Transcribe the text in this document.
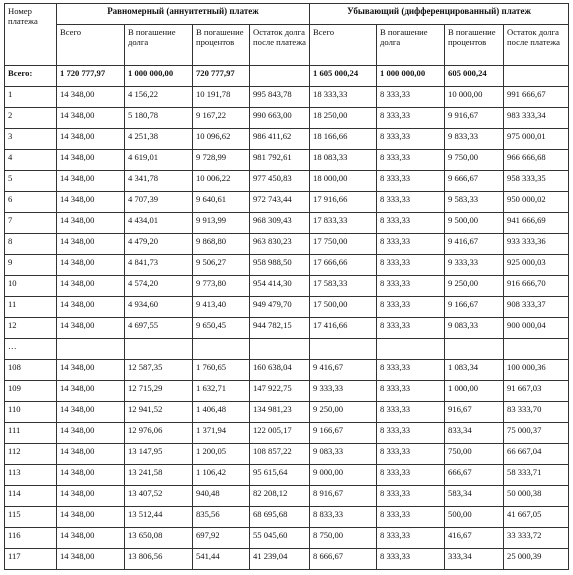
Номер платежа	Равномерный (аннуитетный) платеж				Убывающий (дифференцированный) платеж			
	Всего	В погашение долга	В погашение процентов	Остаток долга после платежа	Всего	В погашение долга	В погашение процентов	Остаток долга после платежа
Всего:	1 720 777,97	1 000 000,00	720 777,97		1 605 000,24	1 000 000,00	605 000,24	
1	14 348,00	4 156,22	10 191,78	995 843,78	18 333,33	8 333,33	10 000,00	991 666,67
2	14 348,00	5 180,78	9 167,22	990 663,00	18 250,00	8 333,33	9 916,67	983 333,34
3	14 348,00	4 251,38	10 096,62	986 411,62	18 166,66	8 333,33	9 833,33	975 000,01
4	14 348,00	4 619,01	9 728,99	981 792,61	18 083,33	8 333,33	9 750,00	966 666,68
5	14 348,00	4 341,78	10 006,22	977 450,83	18 000,00	8 333,33	9 666,67	958 333,35
6	14 348,00	4 707,39	9 640,61	972 743,44	17 916,66	8 333,33	9 583,33	950 000,02
7	14 348,00	4 434,01	9 913,99	968 309,43	17 833,33	8 333,33	9 500,00	941 666,69
8	14 348,00	4 479,20	9 868,80	963 830,23	17 750,00	8 333,33	9 416,67	933 333,36
9	14 348,00	4 841,73	9 506,27	958 988,50	17 666,66	8 333,33	9 333,33	925 000,03
10	14 348,00	4 574,20	9 773,80	954 414,30	17 583,33	8 333,33	9 250,00	916 666,70
11	14 348,00	4 934,60	9 413,40	949 479,70	17 500,00	8 333,33	9 166,67	908 333,37
12	14 348,00	4 697,55	9 650,45	944 782,15	17 416,66	8 333,33	9 083,33	900 000,04
…								
108	14 348,00	12 587,35	1 760,65	160 638,04	9 416,67	8 333,33	1 083,34	100 000,36
109	14 348,00	12 715,29	1 632,71	147 922,75	9 333,33	8 333,33	1 000,00	91 667,03
110	14 348,00	12 941,52	1 406,48	134 981,23	9 250,00	8 333,33	916,67	83 333,70
111	14 348,00	12 976,06	1 371,94	122 005,17	9 166,67	8 333,33	833,34	75 000,37
112	14 348,00	13 147,95	1 200,05	108 857,22	9 083,33	8 333,33	750,00	66 667,04
113	14 348,00	13 241,58	1 106,42	95 615,64	9 000,00	8 333,33	666,67	58 333,71
114	14 348,00	13 407,52	940,48	82 208,12	8 916,67	8 333,33	583,34	50 000,38
115	14 348,00	13 512,44	835,56	68 695,68	8 833,33	8 333,33	500,00	41 667,05
116	14 348,00	13 650,08	697,92	55 045,60	8 750,00	8 333,33	416,67	33 333,72
117	14 348,00	13 806,56	541,44	41 239,04	8 666,67	8 333,33	333,34	25 000,39
